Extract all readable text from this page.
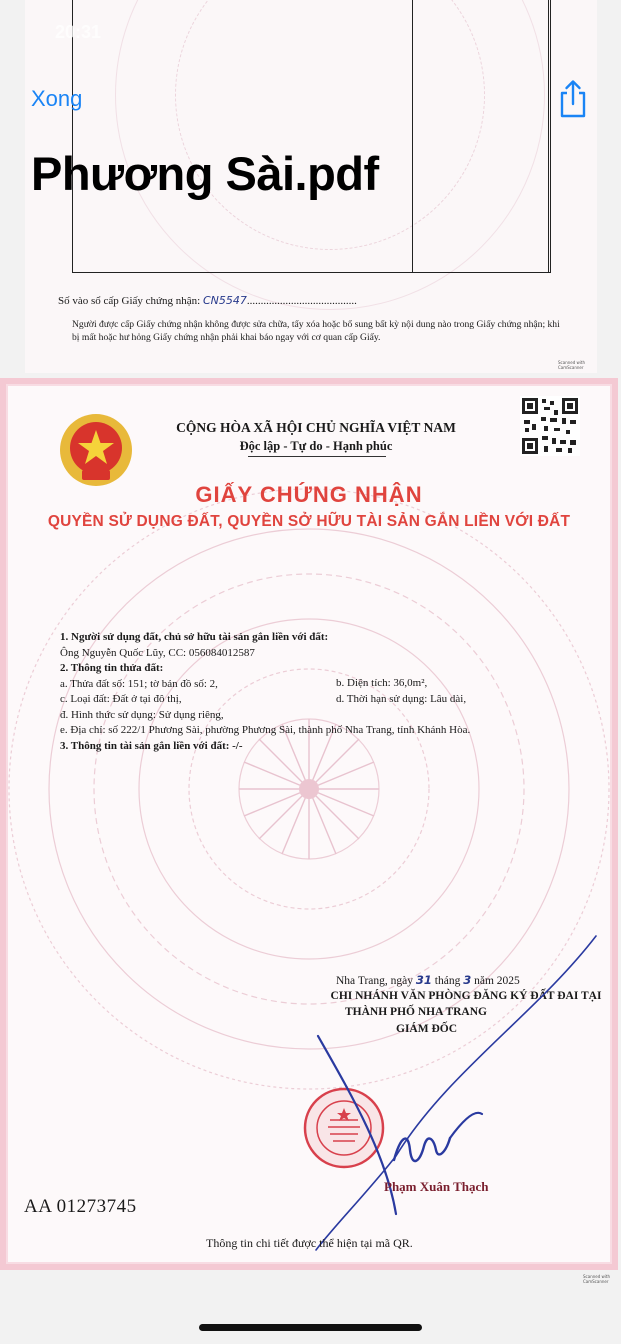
Số vào sổ cấp Giấy chứng nhận: CN5547........................................
Người được cấp Giấy chứng nhận không được sửa chữa, tẩy xóa hoặc bổ sung bất kỳ nội dung nào trong Giấy chứng nhận; khi bị mất hoặc hư hỏng Giấy chứng nhận phải khai báo ngay với cơ quan cấp Giấy.
Scanned with CamScanner
20:31
Xong
Phương Sài.pdf
CỘNG HÒA XÃ HỘI CHỦ NGHĨA VIỆT NAM
Độc lập - Tự do - Hạnh phúc
GIẤY CHỨNG NHẬN
QUYỀN SỬ DỤNG ĐẤT, QUYỀN SỞ HỮU TÀI SẢN GẮN LIỀN VỚI ĐẤT
1. Người sử dụng đất, chủ sở hữu tài sản gắn liền với đất:
Ông Nguyễn Quốc Lũy, CC: 056084012587
2. Thông tin thửa đất:
a. Thửa đất số: 151; tờ bản đồ số: 2,
c. Loại đất: Đất ở tại đô thị,
đ. Hình thức sử dụng: Sử dụng riêng,
e. Địa chỉ: số 222/1 Phương Sài, phường Phương Sài, thành phố Nha Trang, tỉnh Khánh Hòa.
3. Thông tin tài sản gắn liền với đất: -/-
b. Diện tích: 36,0m²,
d. Thời hạn sử dụng: Lâu dài,
Nha Trang, ngày 31 tháng 3 năm 2025
CHI NHÁNH VĂN PHÒNG ĐĂNG KÝ ĐẤT ĐAI TẠI
THÀNH PHỐ NHA TRANG
GIÁM ĐỐC
Phạm Xuân Thạch
AA 01273745
Thông tin chi tiết được thể hiện tại mã QR.
Scanned with CamScanner
